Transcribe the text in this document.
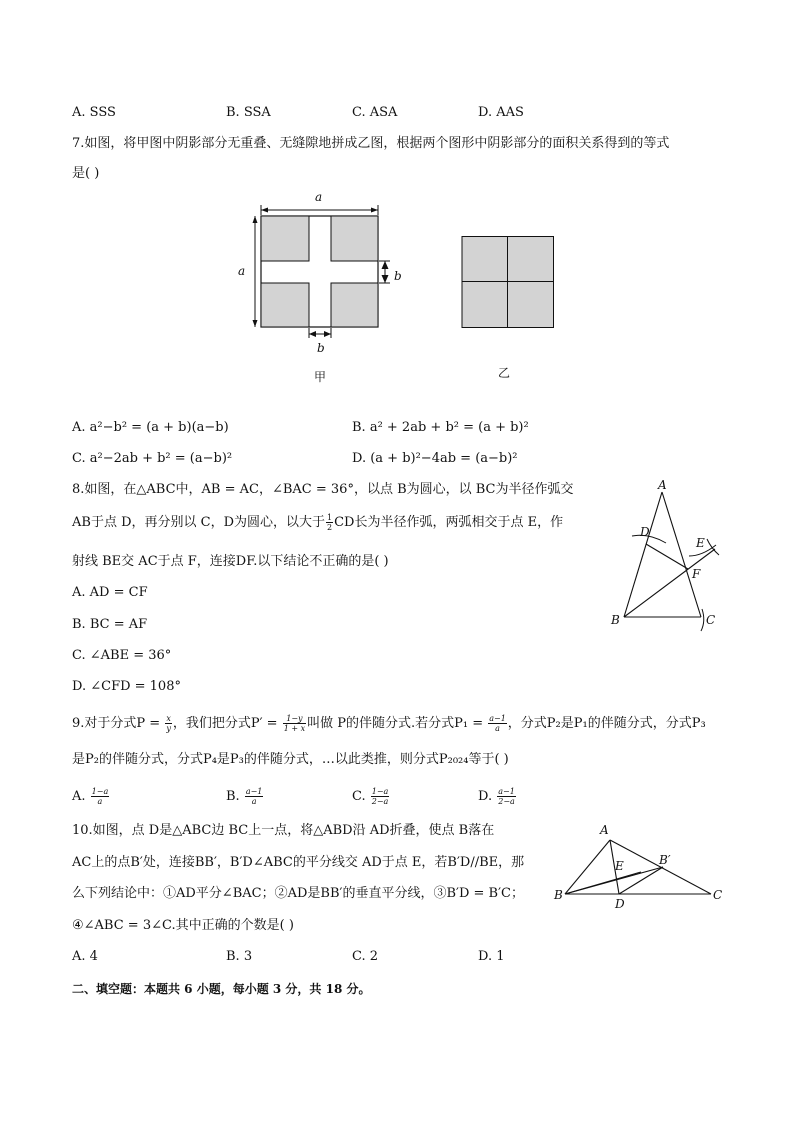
A. SSS	B. SSA	C. ASA	D. AAS
7.如图，将甲图中阴影部分无重叠、无缝隙地拼成乙图，根据两个图形中阴影部分的面积关系得到的等式
是( )
a
a	b
b
甲	乙
A. a²−b² = (a + b)(a−b)	B. a² + 2ab + b² = (a + b)²
C. a²−2ab + b² = (a−b)²	D. (a + b)²−4ab = (a−b)²
8.如图，在△ABC中，AB = AC，∠BAC = 36°，以点 B为圆心，以 BC为半径作弧交
AB于点 D，再分别以 C，D为圆心，以大于 $\frac{1}{2}$ CD长为半径作弧，两弧相交于点 E，作
射线 BE交 AC于点 F，连接DF.以下结论不正确的是( )
A. AD = CF
B. BC = AF
C. ∠ABE = 36°
D. ∠CFD = 108°
A
D
E
F
B	C
9.对于分式$P = \frac{x}{y}$ ，我们把分式$P' = \frac{1-y}{1 + x}$ 叫做 P的伴随分式.若分式$P_1 = \frac{a-1}{a}$ ，分式P₂是P₁的伴随分式，分式P₃
是P₂的伴随分式，分式P₄是P₃的伴随分式，…以此类推，则分式P₂₀₂₄等于( )
A. $\frac{1-a}{a}$	B. $\frac{a-1}{a}$	C. $\frac{1-a}{2-a}$	D. $\frac{a-1}{2-a}$
10.如图，点 D是△ABC边 BC上一点，将△ABD沿 AD折叠，使点 B落在
AC上的点B′处，连接BB′，B′D∠ABC的平分线交 AD于点 E，若B′D//BE，那
么下列结论中：①AD平分∠BAC；②AD是BB′的垂直平分线，③B′D = B′C；
④∠ABC = 3∠C.其中正确的个数是( )
A. 4	B. 3	C. 2	D. 1
A
E	B′
B
D
C
二、填空题：本题共 6 小题，每小题 3 分，共 18 分。
